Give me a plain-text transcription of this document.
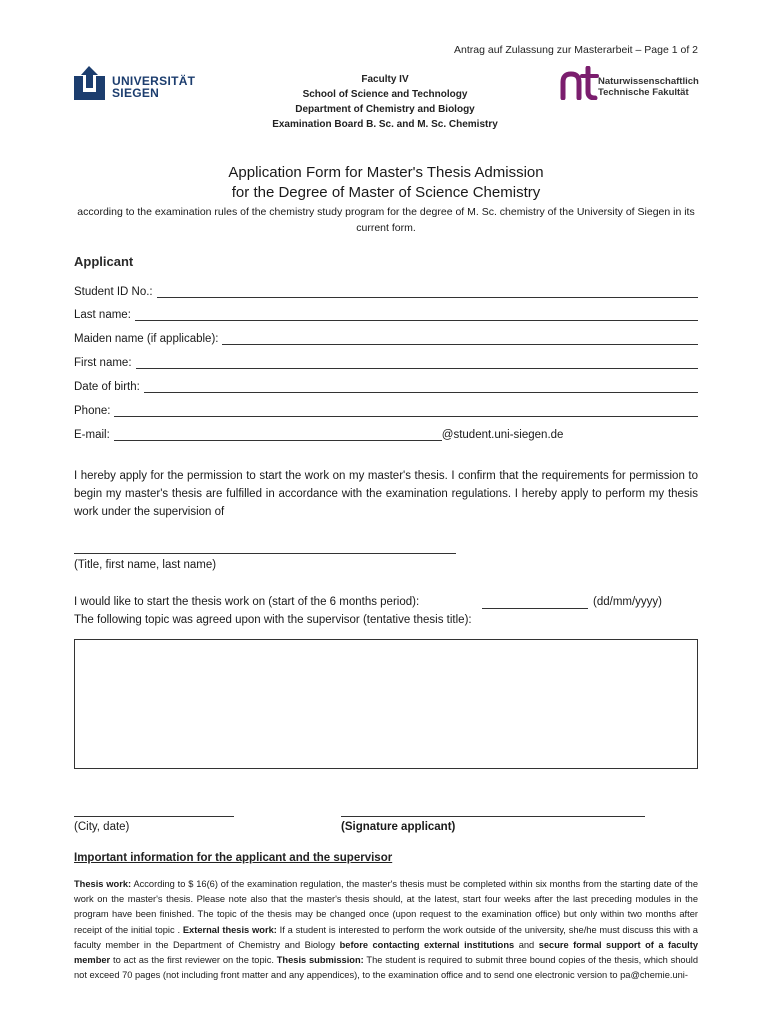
Antrag auf Zulassung zur Masterarbeit – Page 1 of 2
UNIVERSITÄT
SIEGEN
Faculty IV
School of Science and Technology
Department of Chemistry and Biology
Examination Board B. Sc. and M. Sc. Chemistry
Naturwissenschaftlich
Technische Fakultät
Application Form for Master's Thesis Admission
for the Degree of Master of Science Chemistry
according to the examination rules of the chemistry study program for the degree of M. Sc. chemistry of the University of Siegen in its current form.
Applicant
Student ID No.:
Last name:
Maiden name (if applicable):
First name:
Date of birth:
Phone:
E-mail:	@student.uni-siegen.de
I hereby apply for the permission to start the work on my master's thesis. I confirm that the requirements for permission to begin my master's thesis are fulfilled in accordance with the examination regulations. I hereby apply to perform my thesis work under the supervision of
(Title, first name, last name)
I would like to start the thesis work on (start of the 6 months period):	(dd/mm/yyyy)
The following topic was agreed upon with the supervisor (tentative thesis title):
(City, date)	(Signature applicant)
Important information for the applicant and the supervisor
Thesis work: According to $ 16(6) of the examination regulation, the master's thesis must be completed within six months from the starting date of the work on the master's thesis. Please note also that the master's thesis should, at the latest, start four weeks after the last preceding modules in the program have been finished. The topic of the thesis may be changed once (upon request to the examination office) but only within two months after receipt of the initial topic . External thesis work: If a student is interested to perform the work outside of the university, she/he must discuss this with a faculty member in the Department of Chemistry and Biology before contacting external institutions and secure formal support of a faculty member to act as the first reviewer on the topic. Thesis submission: The student is required to submit three bound copies of the thesis, which should not exceed 70 pages (not including front matter and any appendices), to the examination office and to send one electronic version to pa@chemie.uni-
